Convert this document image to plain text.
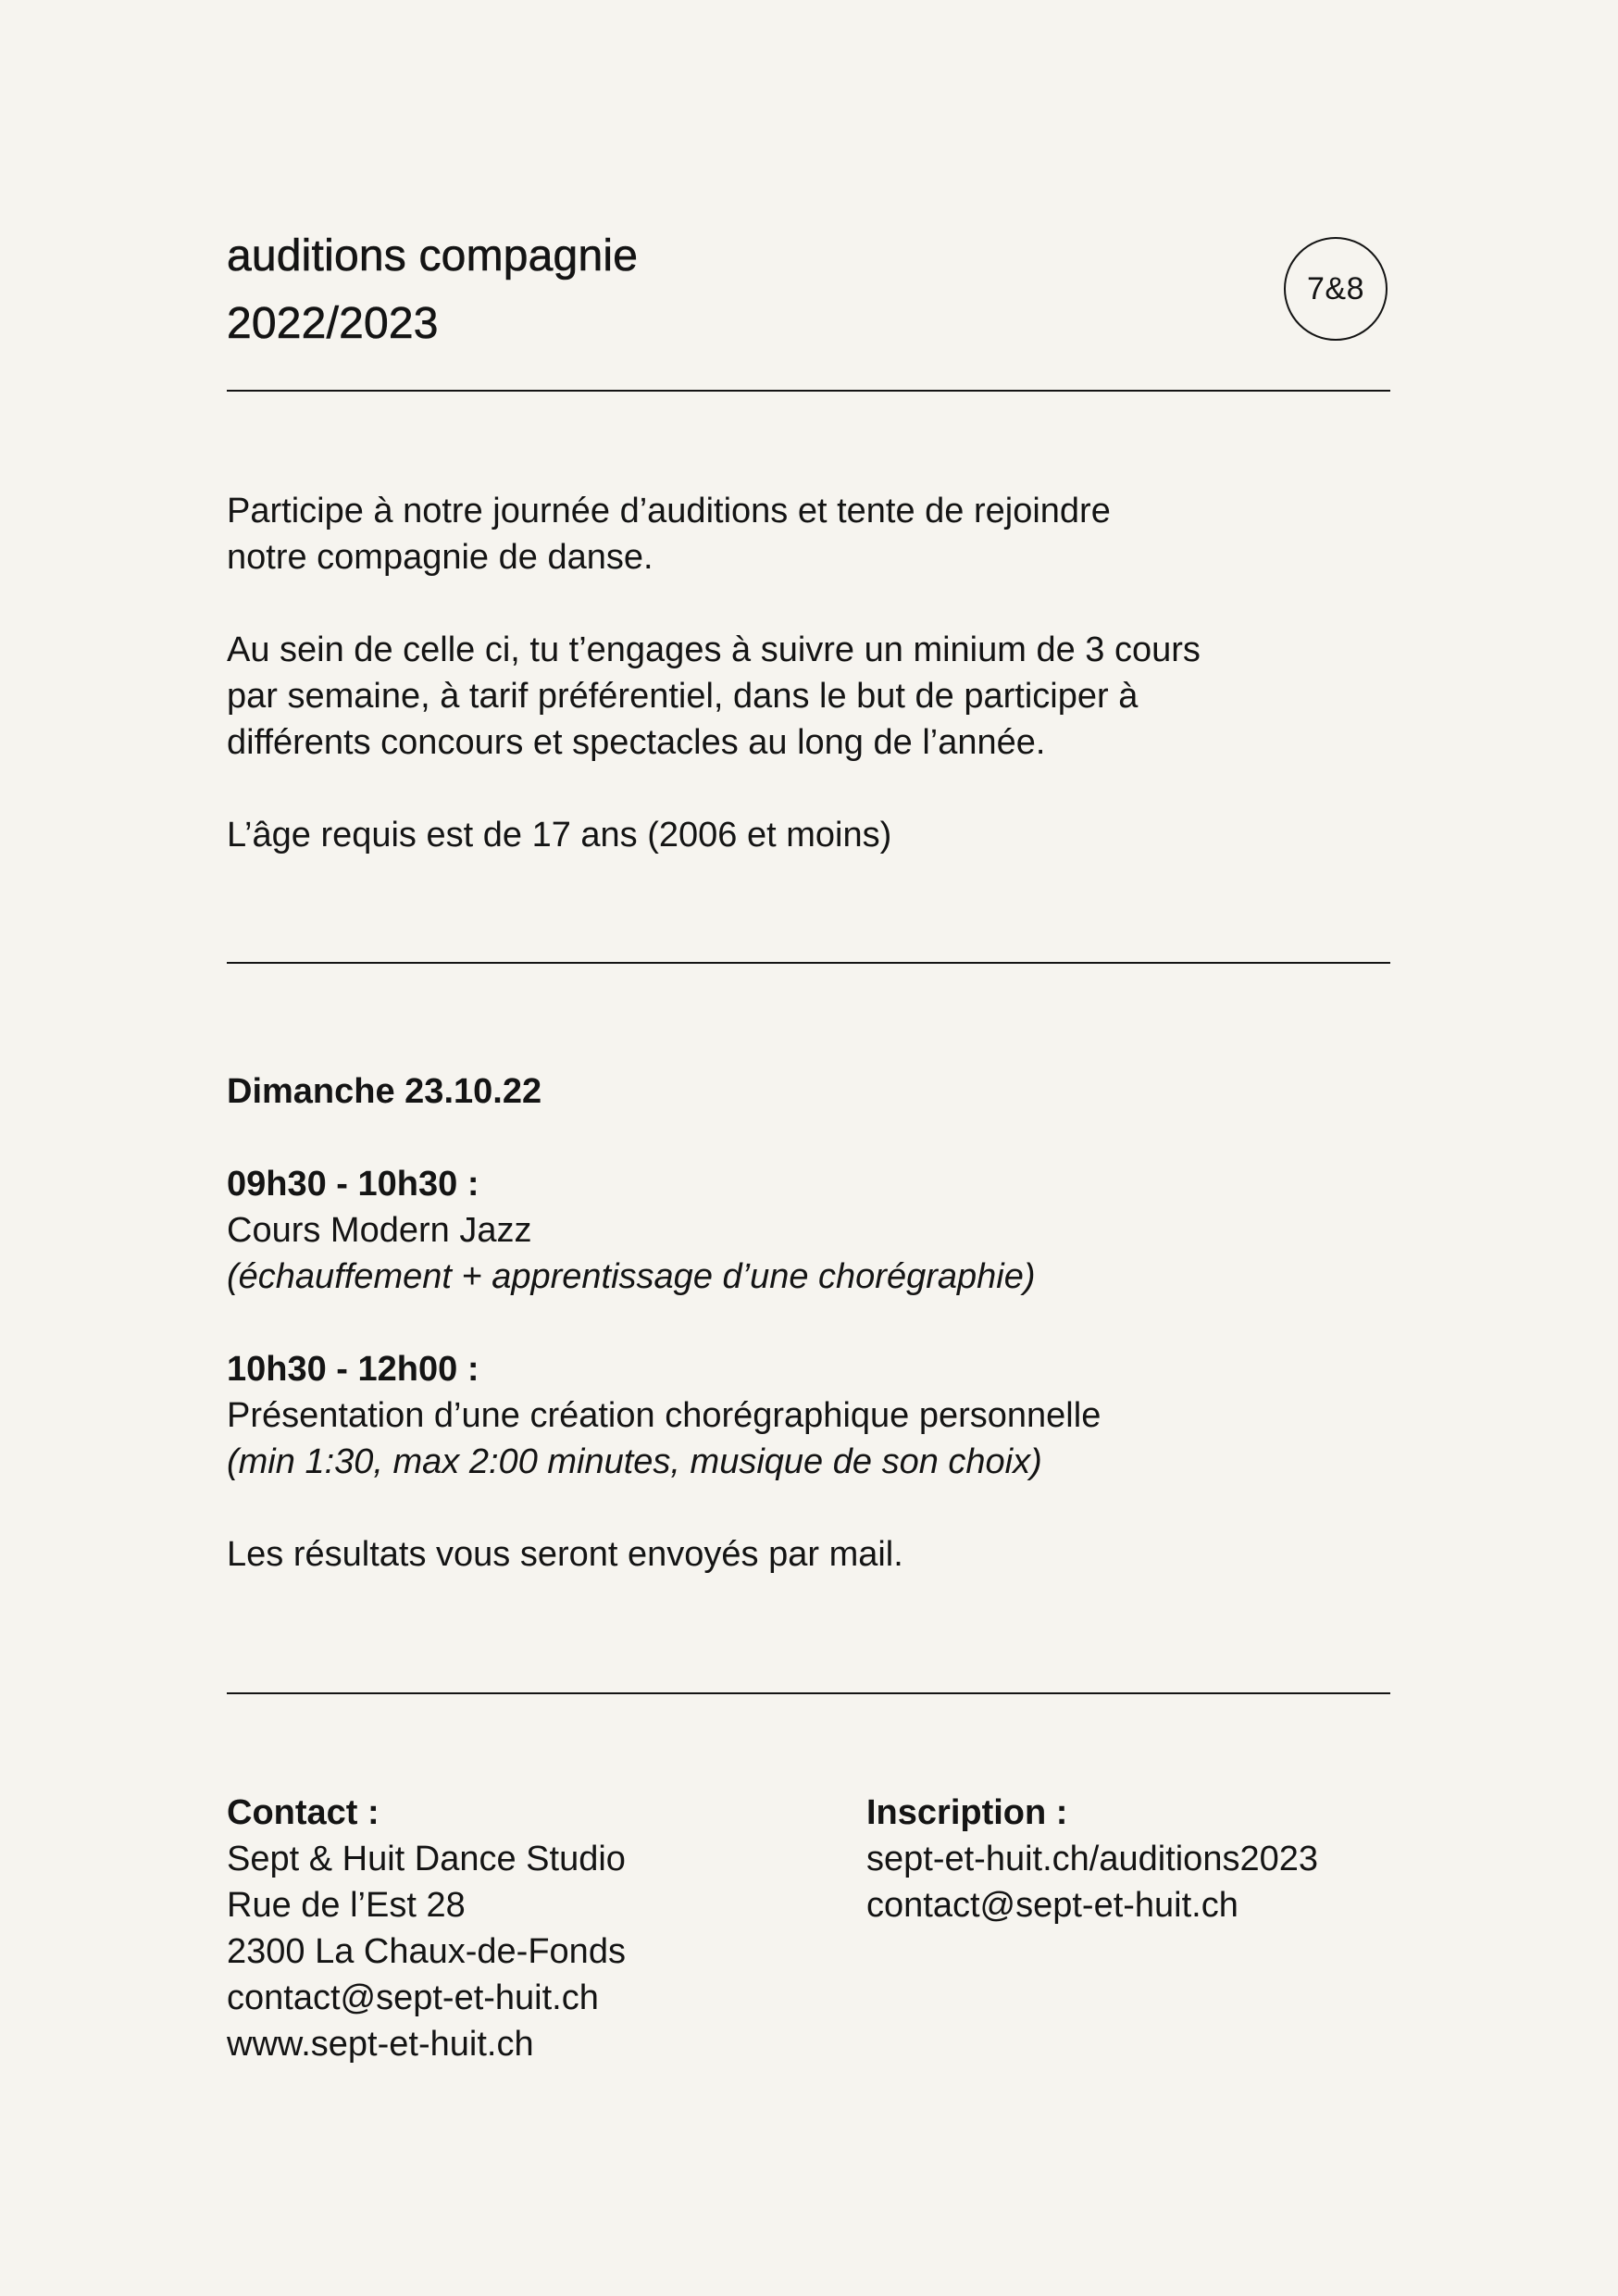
auditions compagnie
2022/2023
7&8

Participe à notre journée d’auditions et tente de rejoindre

notre compagnie de danse.

Au sein de celle ci, tu t’engages à suivre un minium de 3 cours

par semaine, à tarif préférentiel, dans le but de participer à

différents concours et spectacles au long de l’année.

L’âge requis est de 17 ans (2006 et moins)

Dimanche 23.10.22

09h30 - 10h30 :

Cours Modern Jazz

(échauffement + apprentissage d’une chorégraphie)

10h30 - 12h00 :

Présentation d’une création chorégraphique personnelle

(min 1:30, max 2:00 minutes, musique de son choix)

Les résultats vous seront envoyés par mail.

Contact :

Sept & Huit Dance Studio

Rue de l’Est 28

2300 La Chaux-de-Fonds

contact@sept-et-huit.ch

www.sept-et-huit.ch

Inscription :

sept-et-huit.ch/auditions2023

contact@sept-et-huit.ch
